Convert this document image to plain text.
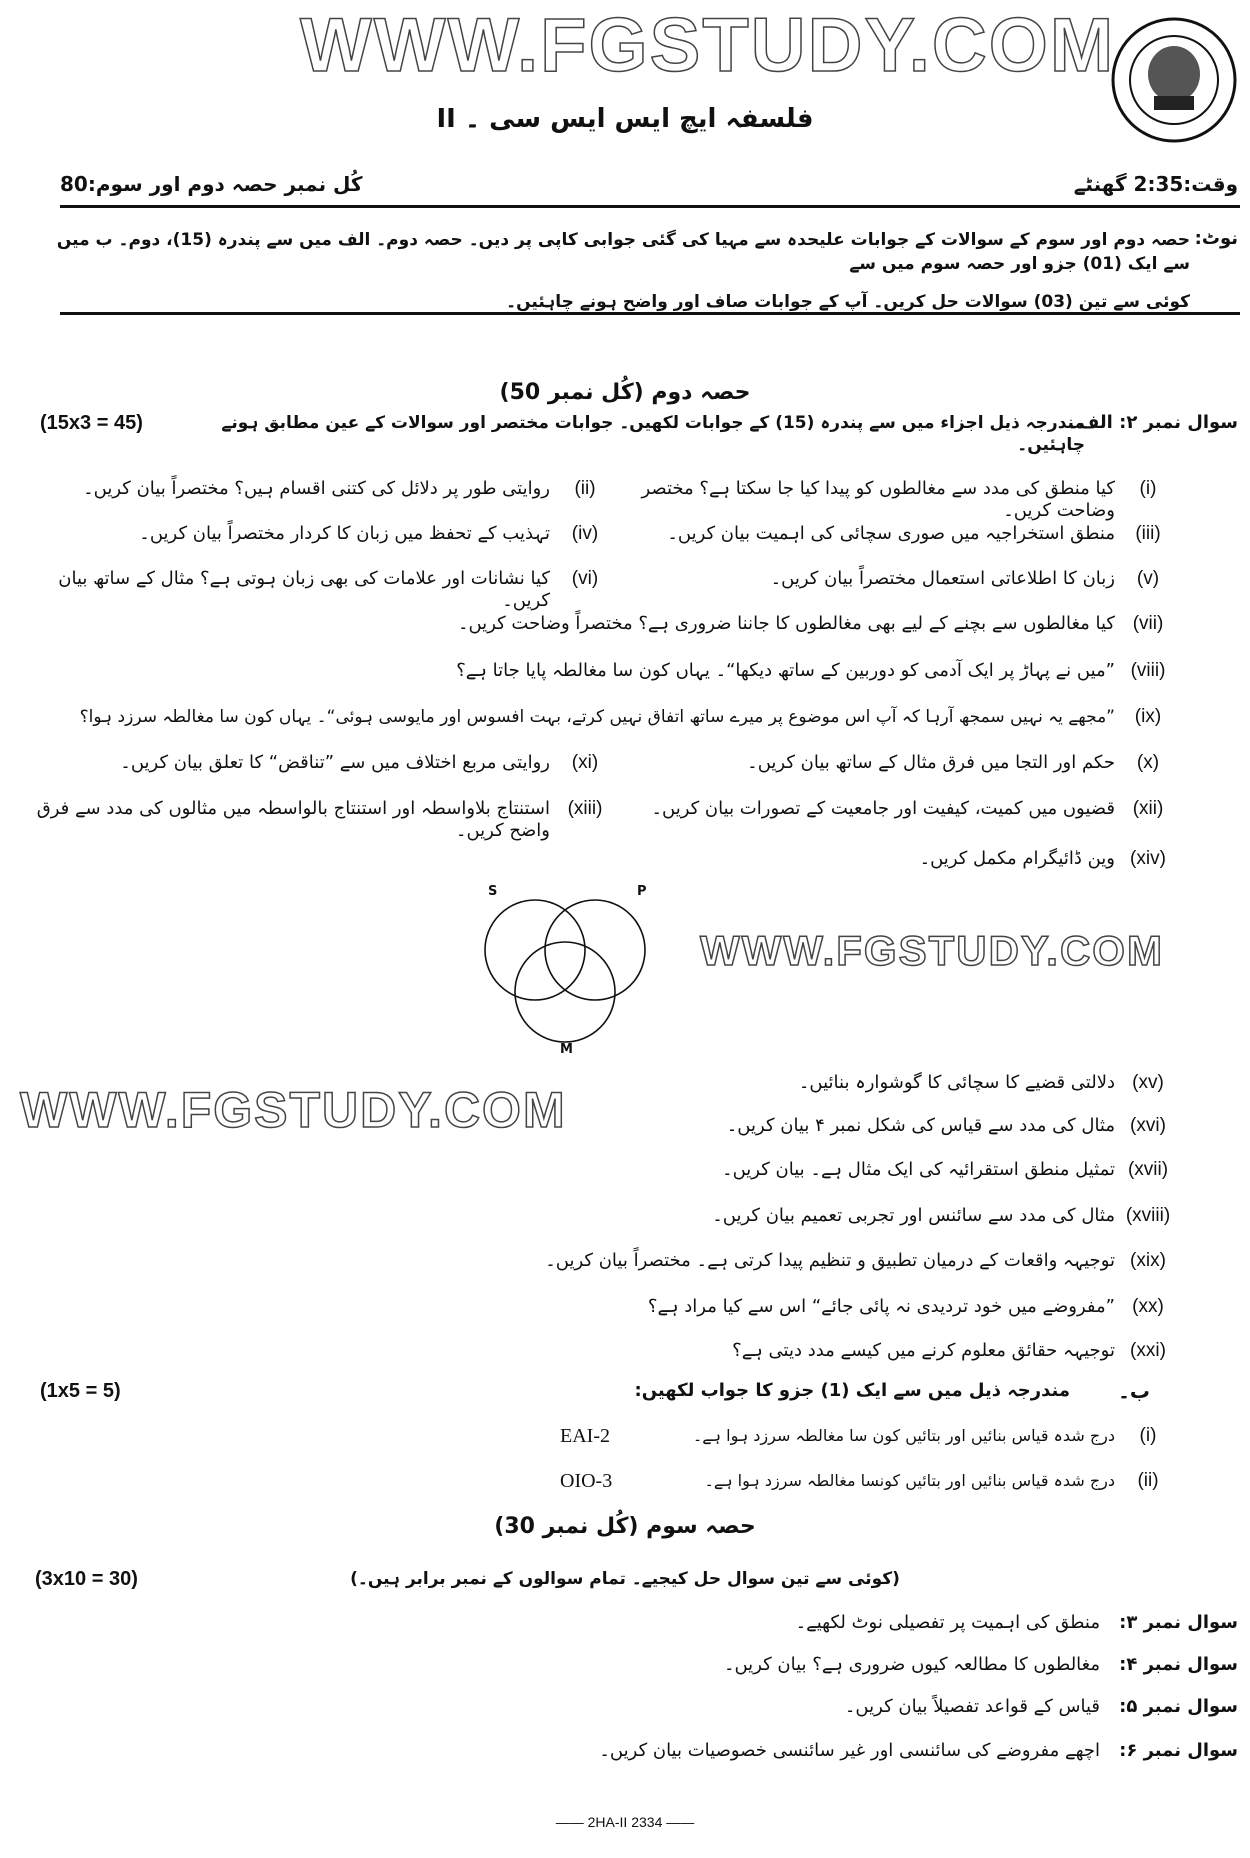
WWW.FGSTUDY.COM
فلسفہ ایچ ایس ایس سی ۔ II
وقت:2:35 گھنٹے
کُل نمبر حصہ دوم اور سوم:80
نوٹ:
حصہ دوم اور سوم کے سوالات کے جوابات علیحدہ سے مہیا کی گئی جوابی کاپی پر دیں۔ حصہ دوم۔ الف میں سے پندرہ (15)، دوم۔ ب میں سے ایک (01) جزو اور حصہ سوم میں سے
کوئی سے تین (03) سوالات حل کریں۔ آپ کے جوابات صاف اور واضح ہونے چاہئیں۔
حصہ دوم (کُل نمبر 50)
سوال نمبر ۲: الف۔
مندرجہ ذیل اجزاء میں سے پندرہ (15) کے جوابات لکھیں۔ جوابات مختصر اور سوالات کے عین مطابق ہونے چاہئیں۔
(15x3 = 45)
(i)
کیا منطق کی مدد سے مغالطوں کو پیدا کیا جا سکتا ہے؟ مختصر وضاحت کریں۔
(ii)
روایتی طور پر دلائل کی کتنی اقسام ہیں؟ مختصراً بیان کریں۔
(iii)
منطق استخراجیہ میں صوری سچائی کی اہمیت بیان کریں۔
(iv)
تہذیب کے تحفظ میں زبان کا کردار مختصراً بیان کریں۔
(v)
زبان کا اطلاعاتی استعمال مختصراً بیان کریں۔
(vi)
کیا نشانات اور علامات کی بھی زبان ہوتی ہے؟ مثال کے ساتھ بیان کریں۔
(vii)
کیا مغالطوں سے بچنے کے لیے بھی مغالطوں کا جاننا ضروری ہے؟ مختصراً وضاحت کریں۔
(viii)
”میں نے پہاڑ پر ایک آدمی کو دوربین کے ساتھ دیکھا“۔ یہاں کون سا مغالطہ پایا جاتا ہے؟
(ix)
”مجھے یہ نہیں سمجھ آرہا کہ آپ اس موضوع پر میرے ساتھ اتفاق نہیں کرتے، بہت افسوس اور مایوسی ہوئی“۔ یہاں کون سا مغالطہ سرزد ہوا؟
(x)
حکم اور التجا میں فرق مثال کے ساتھ بیان کریں۔
(xi)
روایتی مربع اختلاف میں سے ”تناقض“ کا تعلق بیان کریں۔
(xii)
قضیوں میں کمیت، کیفیت اور جامعیت کے تصورات بیان کریں۔
(xiii)
استنتاج بلاواسطہ اور استنتاج بالواسطہ میں مثالوں کی مدد سے فرق واضح کریں۔
(xiv)
وین ڈائیگرام مکمل کریں۔
S	P
M
WWW.FGSTUDY.COM
WWW.FGSTUDY.COM	(xv)
دلالتی قضیے کا سچائی کا گوشوارہ بنائیں۔
(xvi)
مثال کی مدد سے قیاس کی شکل نمبر ۴ بیان کریں۔
(xvii)
تمثیل منطق استقرائیہ کی ایک مثال ہے۔ بیان کریں۔
(xviii)
مثال کی مدد سے سائنس اور تجربی تعمیم بیان کریں۔
(xix)
توجیہہ واقعات کے درمیان تطبیق و تنظیم پیدا کرتی ہے۔ مختصراً بیان کریں۔
(xx)
”مفروضے میں خود تردیدی نہ پائی جائے“ اس سے کیا مراد ہے؟
(xxi)
توجیہہ حقائق معلوم کرنے میں کیسے مدد دیتی ہے؟
ب۔
مندرجہ ذیل میں سے ایک (1) جزو کا جواب لکھیں:
(1x5 = 5)
(i)
درج شدہ قیاس بنائیں اور بتائیں کون سا مغالطہ سرزد ہوا ہے۔
EAI-2
(ii)
درج شدہ قیاس بنائیں اور بتائیں کونسا مغالطہ سرزد ہوا ہے۔
OIO-3
حصہ سوم (کُل نمبر 30)
(کوئی سے تین سوال حل کیجیے۔ تمام سوالوں کے نمبر برابر ہیں۔)
(3x10 = 30)
سوال نمبر ۳:
منطق کی اہمیت پر تفصیلی نوٹ لکھیے۔
سوال نمبر ۴:
مغالطوں کا مطالعہ کیوں ضروری ہے؟ بیان کریں۔
سوال نمبر ۵:
قیاس کے قواعد تفصیلاً بیان کریں۔
سوال نمبر ۶:
اچھے مفروضے کی سائنسی اور غیر سائنسی خصوصیات بیان کریں۔
—— 2HA-II 2334 ——
